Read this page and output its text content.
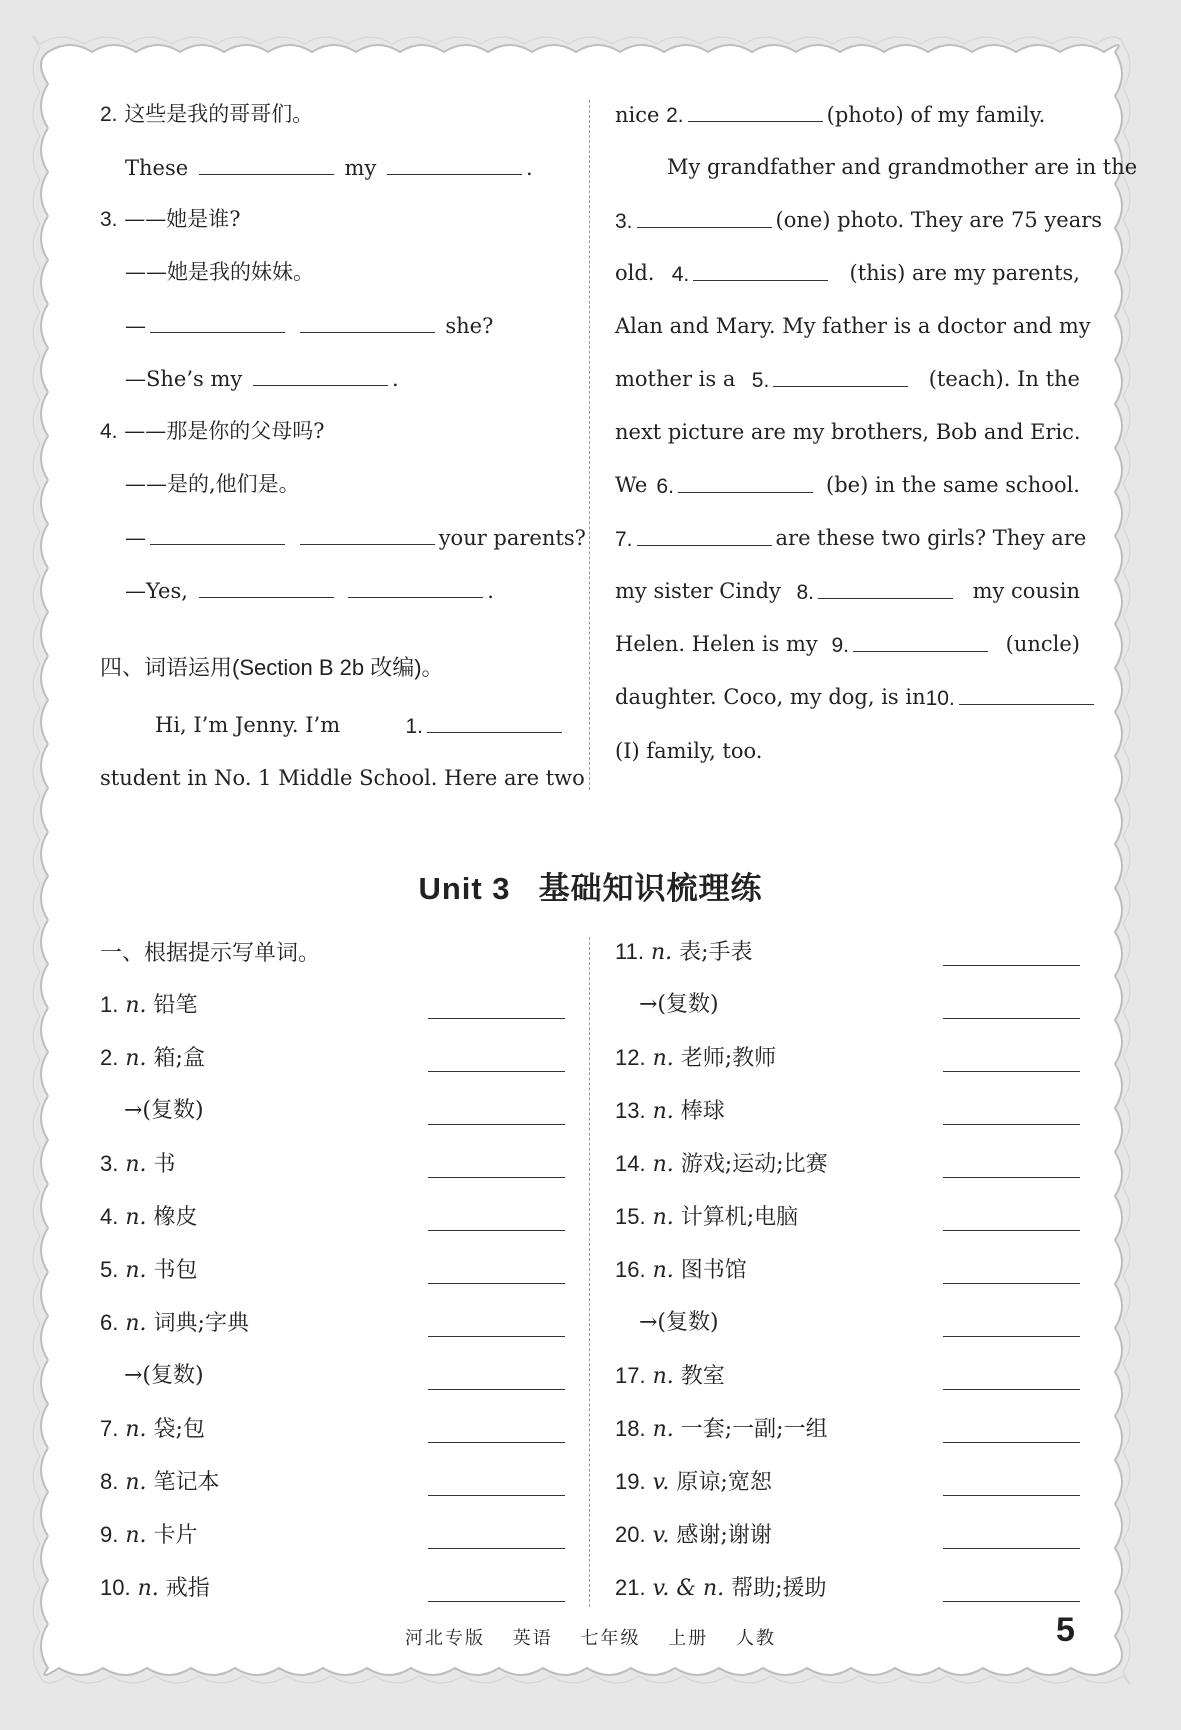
2. 这些是我的哥哥们。
These	my	.
3. ——她是谁?
——她是我的妹妹。
—	she?
—She’s my	.
4. ——那是你的父母吗?
——是的,他们是。
—	your parents?
—Yes,	.
四、词语运用(Section B 2b 改编)。
Hi, I’m Jenny. I’m	1.
student in No. 1 Middle School. Here are two
nice 2.	(photo) of my family.
My grandfather and grandmother are in the
3.	(one) photo. They are 75 years
old. 4.	(this) are my parents,
Alan and Mary. My father is a doctor and my
mother is a 5.	(teach). In the
next picture are my brothers, Bob and Eric.
We 6.	(be) in the same school.
7.	are these two girls? They are
my sister Cindy 8.	my cousin
Helen. Helen is my 9.	(uncle)
daughter. Coco, my dog, is in 10.
(I) family, too.
Unit 3 基础知识梳理练
一、根据提示写单词。
1. n. 铅笔
2. n. 箱;盒
→(复数)
3. n. 书
4. n. 橡皮
5. n. 书包
6. n. 词典;字典
→(复数)
7. n. 袋;包
8. n. 笔记本
9. n. 卡片
10. n. 戒指
11. n. 表;手表
→(复数)
12. n. 老师;教师
13. n. 棒球
14. n. 游戏;运动;比赛
15. n. 计算机;电脑
16. n. 图书馆
→(复数)
17. n. 教室
18. n. 一套;一副;一组
19. v. 原谅;宽恕
20. v. 感谢;谢谢
21. v. & n. 帮助;援助
河北专版 英语 七年级 上册 人教	5
